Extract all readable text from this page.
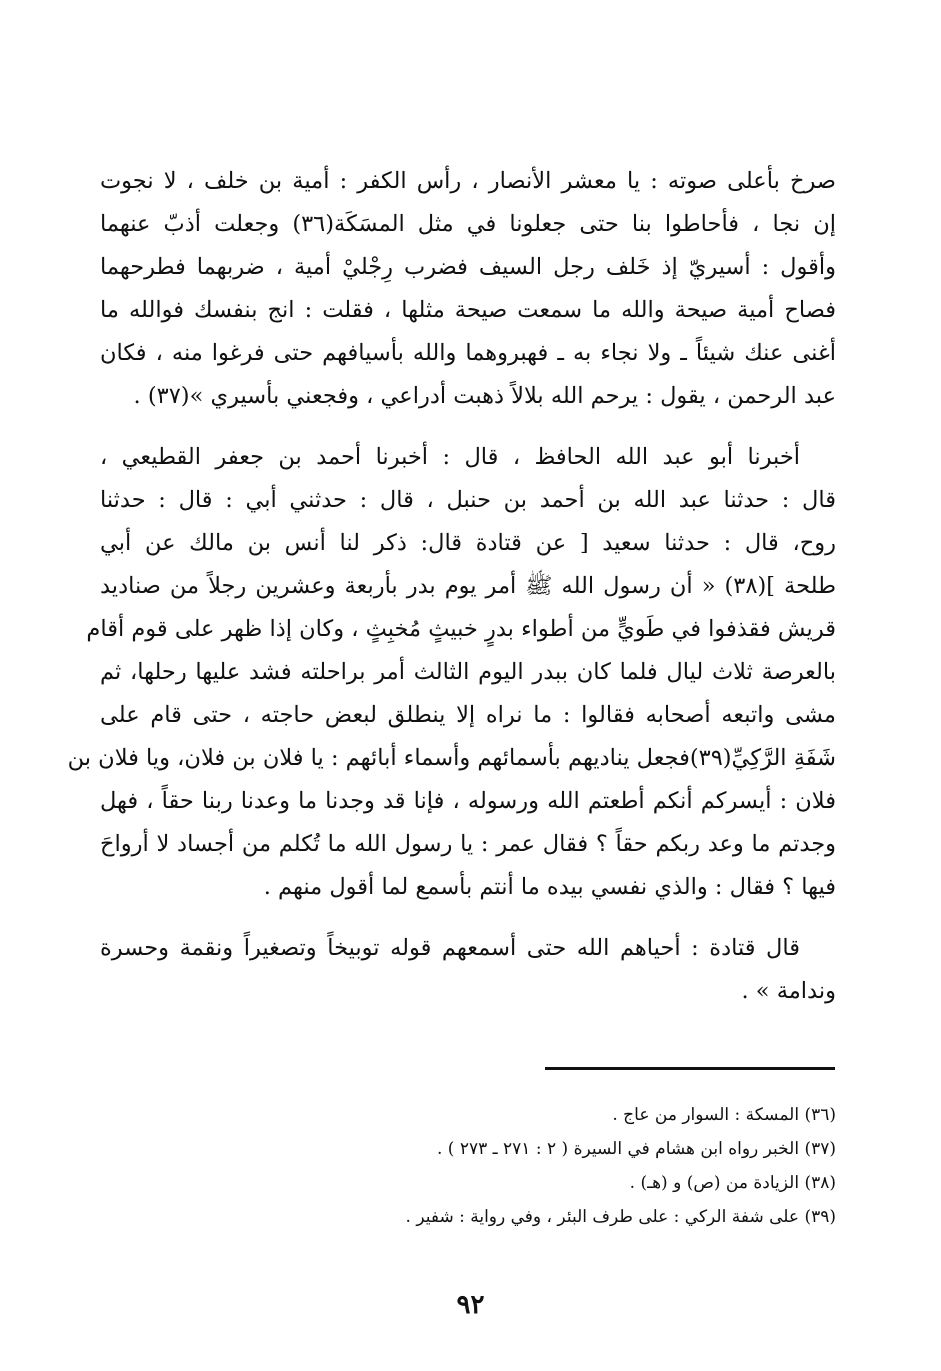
صرخ بأعلى صوته : يا معشر الأنصار ، رأس الكفر : أمية بن خلف ، لا نجوت
إن نجا ، فأحاطوا بنا حتى جعلونا في مثل المسَكَة(٣٦) وجعلت أذبّ عنهما
وأقول : أسيريّ إذ خَلف رجل السيف فضرب رِجْليْ أمية ، ضربهما فطرحهما
فصاح أمية صيحة والله ما سمعت صيحة مثلها ، فقلت : انج بنفسك فوالله ما
أغنى عنك شيئاً ـ ولا نجاء به ـ فهبروهما والله بأسيافهم حتى فرغوا منه ، فكان
عبد الرحمن ، يقول : يرحم الله بلالاً ذهبت أدراعي ، وفجعني بأسيري »(٣٧) .
أخبرنا أبو عبد الله الحافظ ، قال : أخبرنا أحمد بن جعفر القطيعي ،
قال : حدثنا عبد الله بن أحمد بن حنبل ، قال : حدثني أبي : قال : حدثنا
روح، قال : حدثنا سعيد [ عن قتادة قال: ذكر لنا أنس بن مالك عن أبي
طلحة ](٣٨) « أن رسول الله ﷺ أمر يوم بدر بأربعة وعشرين رجلاً من صناديد
قريش فقذفوا في طَويٍّ من أطواء بدرٍ خبيثٍ مُخبِثٍ ، وكان إذا ظهر على قوم أقام
بالعرصة ثلاث ليال فلما كان ببدر اليوم الثالث أمر براحلته فشد عليها رحلها، ثم
مشى واتبعه أصحابه فقالوا : ما نراه إلا ينطلق لبعض حاجته ، حتى قام على
شَفَةِ الرَّكِيِّ(٣٩)فجعل يناديهم بأسمائهم وأسماء أبائهم : يا فلان بن فلان، ويا فلان بن
فلان : أيسركم أنكم أطعتم الله ورسوله ، فإنا قد وجدنا ما وعدنا ربنا حقاً ، فهل
وجدتم ما وعد ربكم حقاً ؟ فقال عمر : يا رسول الله ما تُكلم من أجساد لا أرواحَ
فيها ؟ فقال : والذي نفسي بيده ما أنتم بأسمع لما أقول منهم .
قال قتادة : أحياهم الله حتى أسمعهم قوله توبيخاً وتصغيراً ونقمة وحسرة
وندامة » .
(٣٦) المسكة : السوار من عاج .
(٣٧) الخبر رواه ابن هشام في السيرة ( ٢ : ٢٧١ ـ ٢٧٣ ) .
(٣٨) الزيادة من (ص) و (هـ) .
(٣٩) على شفة الركي : على طرف البئر ، وفي رواية : شفير .
٩٢
